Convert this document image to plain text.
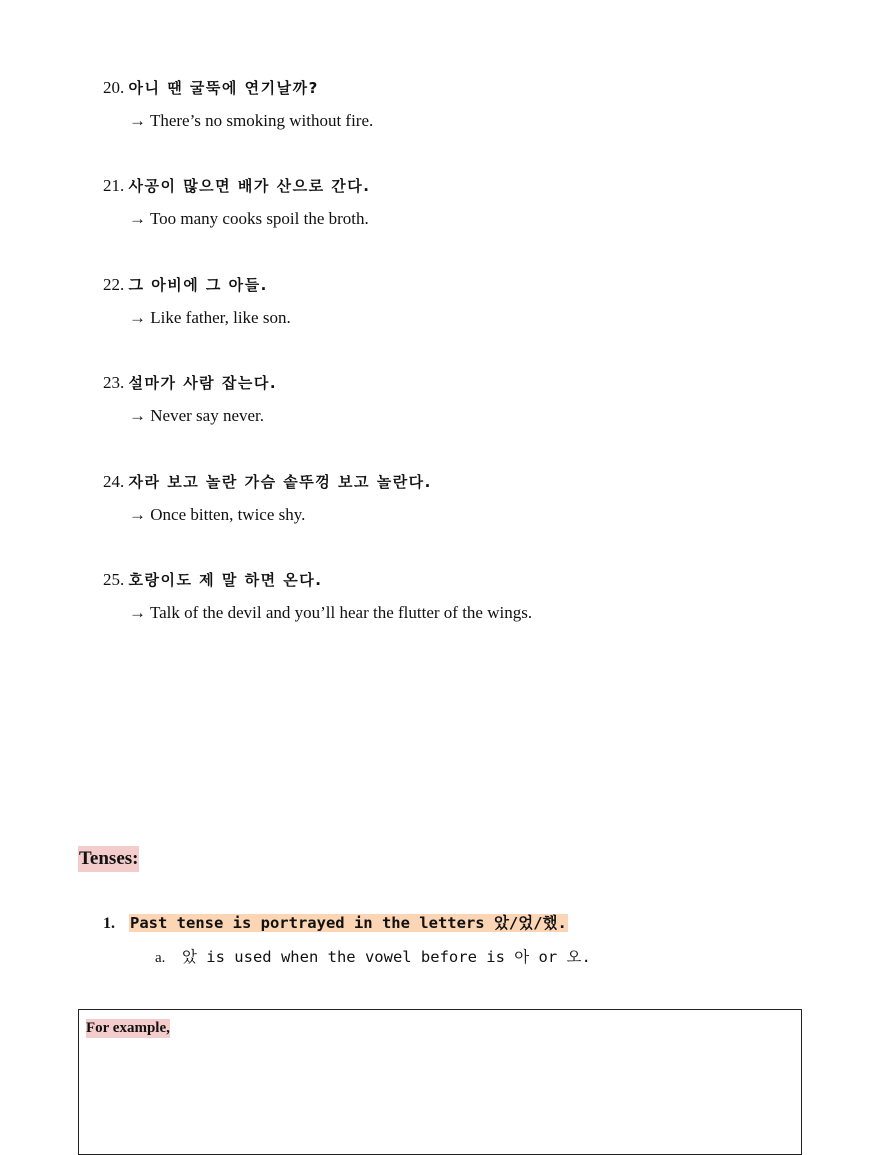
20. 아니 땐 굴뚝에 연기날까?
→ There’s no smoking without fire.
21. 사공이 많으면 배가 산으로 간다.
→ Too many cooks spoil the broth.
22. 그 아비에 그 아들.
→ Like father, like son.
23. 설마가 사람 잡는다.
→ Never say never.
24. 자라 보고 놀란 가슴 솥뚜껑 보고 놀란다.
→ Once bitten, twice shy.
25. 호랑이도 제 말 하면 온다.
→ Talk of the devil and you’ll hear the flutter of the wings.
Tenses:
1. Past tense is portrayed in the letters 았/었/했.
a. 았 is used when the vowel before is 아 or 오.
For example,
